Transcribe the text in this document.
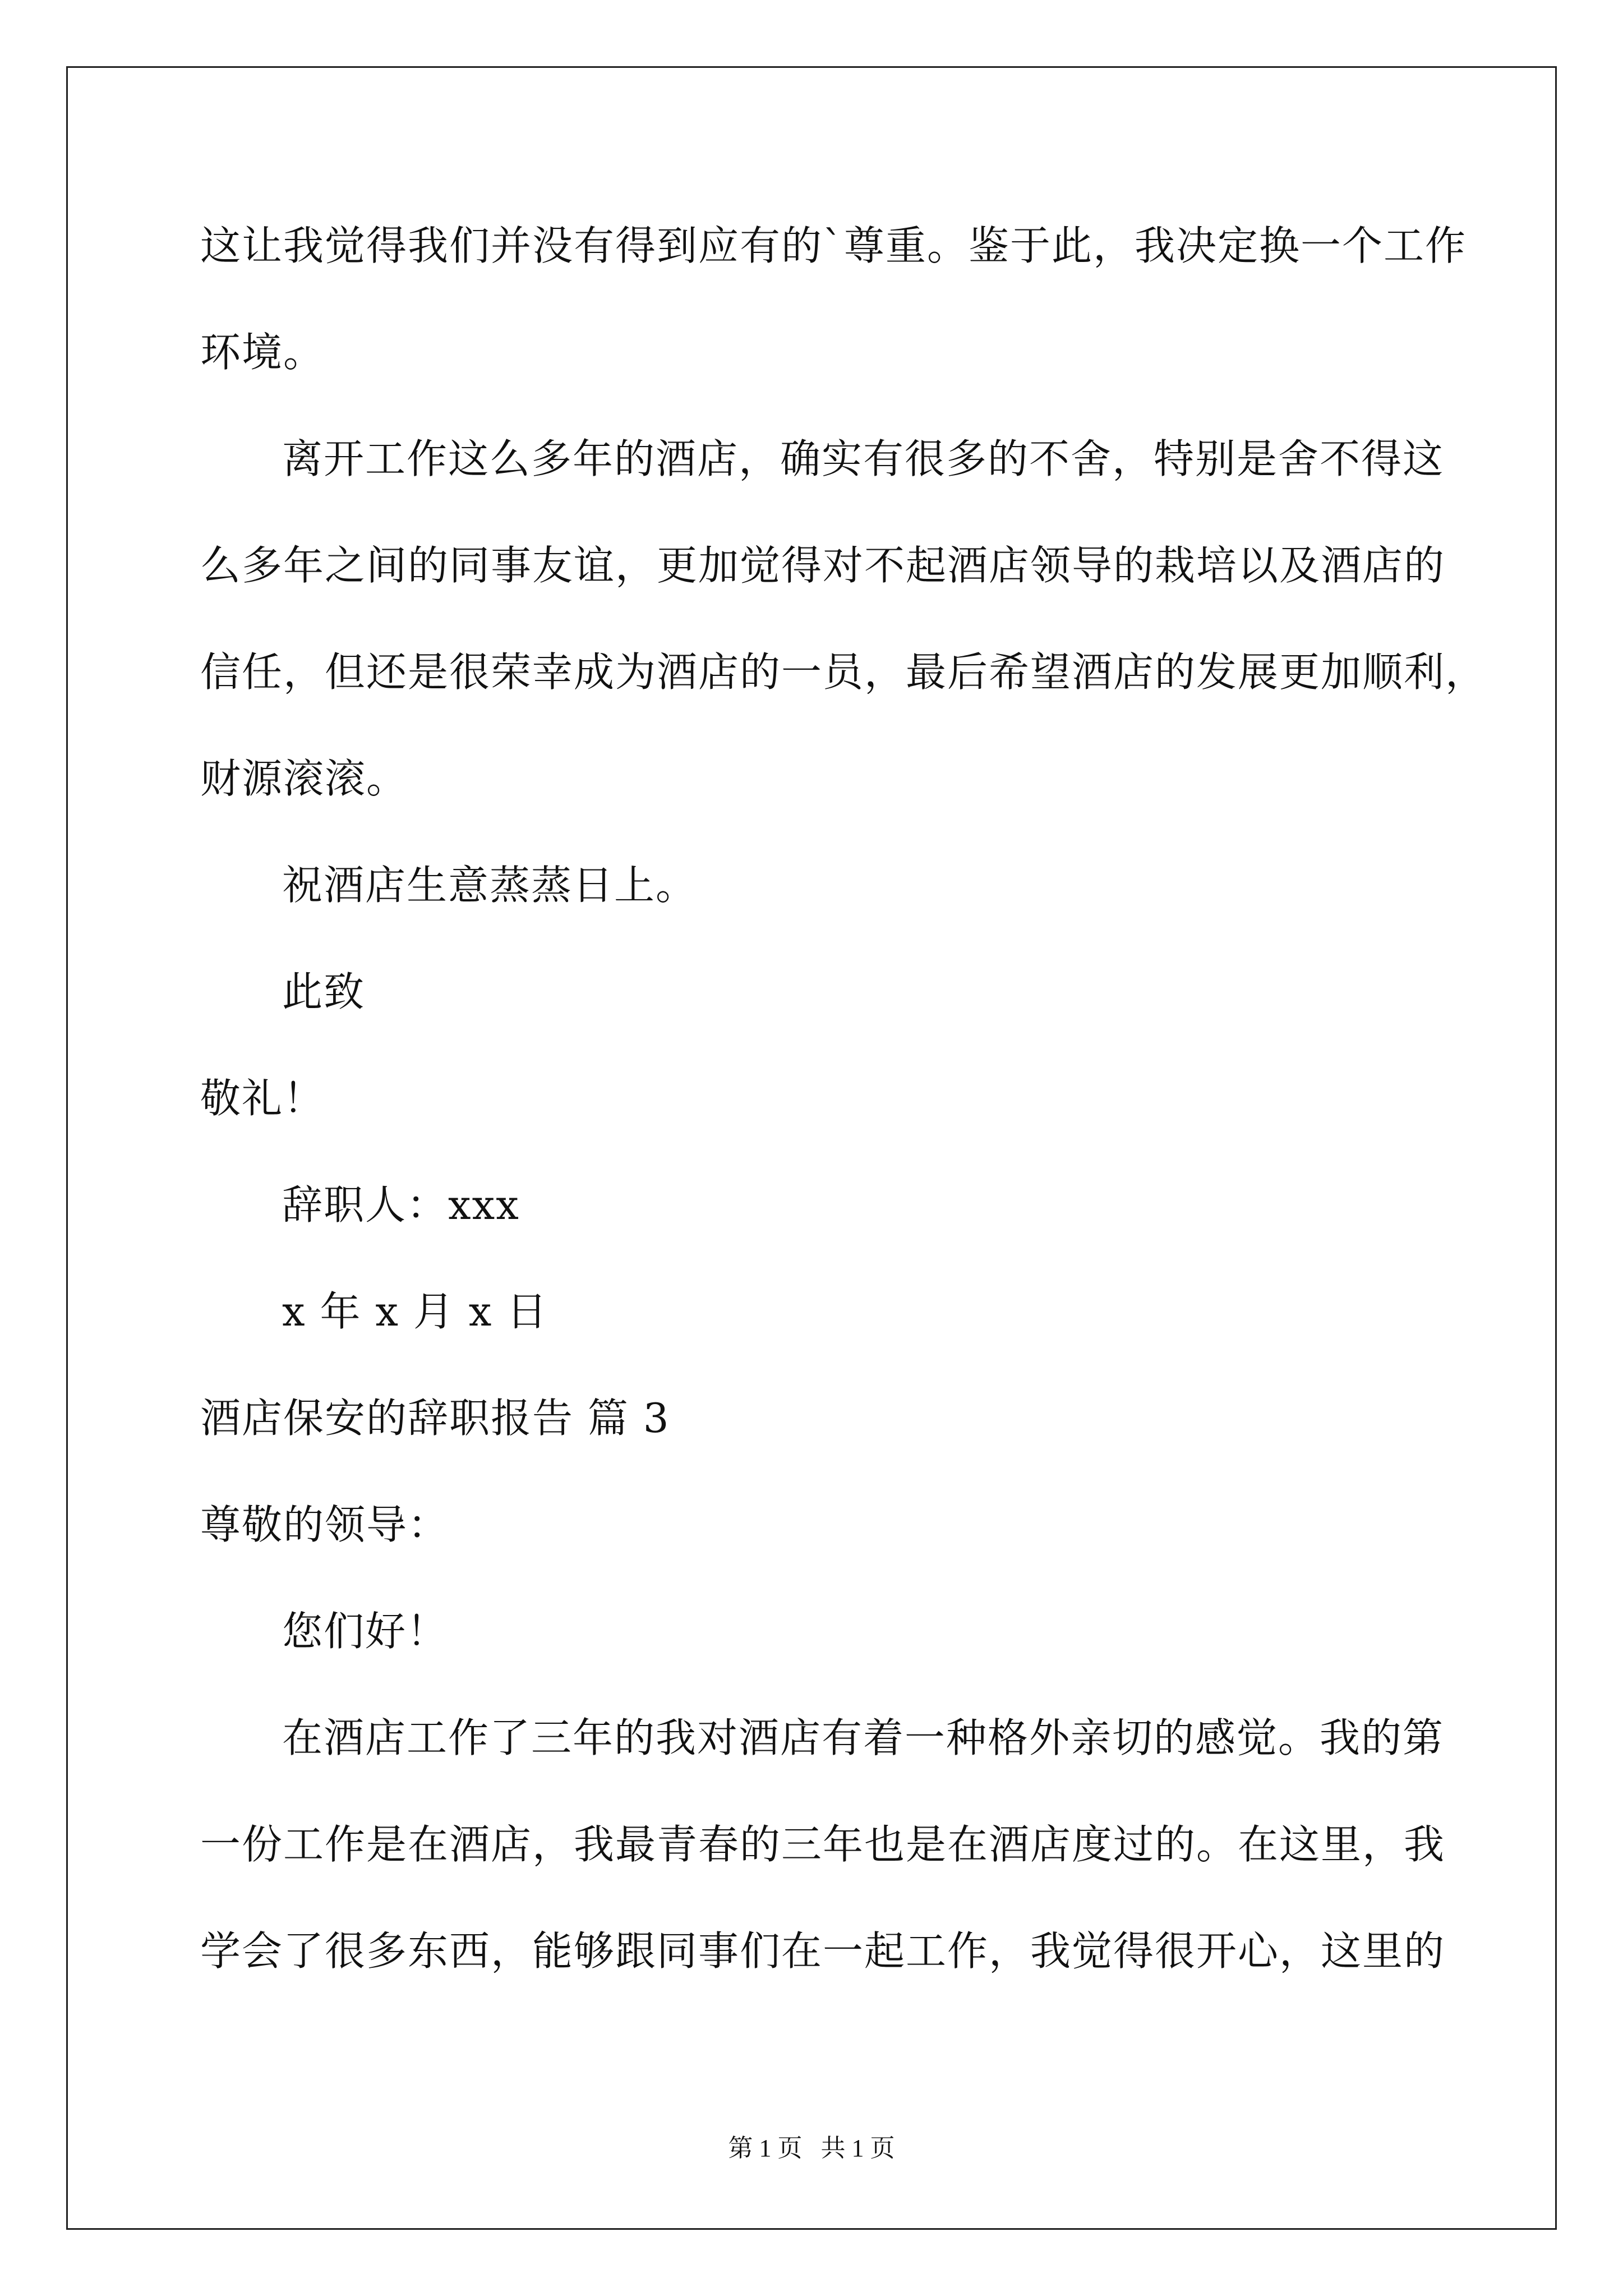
这让我觉得我们并没有得到应有的`尊重。鉴于此，我决定换一个工作
环境。
离开工作这么多年的酒店，确实有很多的不舍，特别是舍不得这
么多年之间的同事友谊，更加觉得对不起酒店领导的栽培以及酒店的
信任，但还是很荣幸成为酒店的一员，最后希望酒店的发展更加顺利，
财源滚滚。
祝酒店生意蒸蒸日上。
此致
敬礼！
辞职人：xxx
x 年 x 月 x 日
酒店保安的辞职报告 篇 3
尊敬的领导：
您们好！
在酒店工作了三年的我对酒店有着一种格外亲切的感觉。我的第
一份工作是在酒店，我最青春的三年也是在酒店度过的。在这里，我
学会了很多东西，能够跟同事们在一起工作，我觉得很开心，这里的
第 1 页   共 1 页
